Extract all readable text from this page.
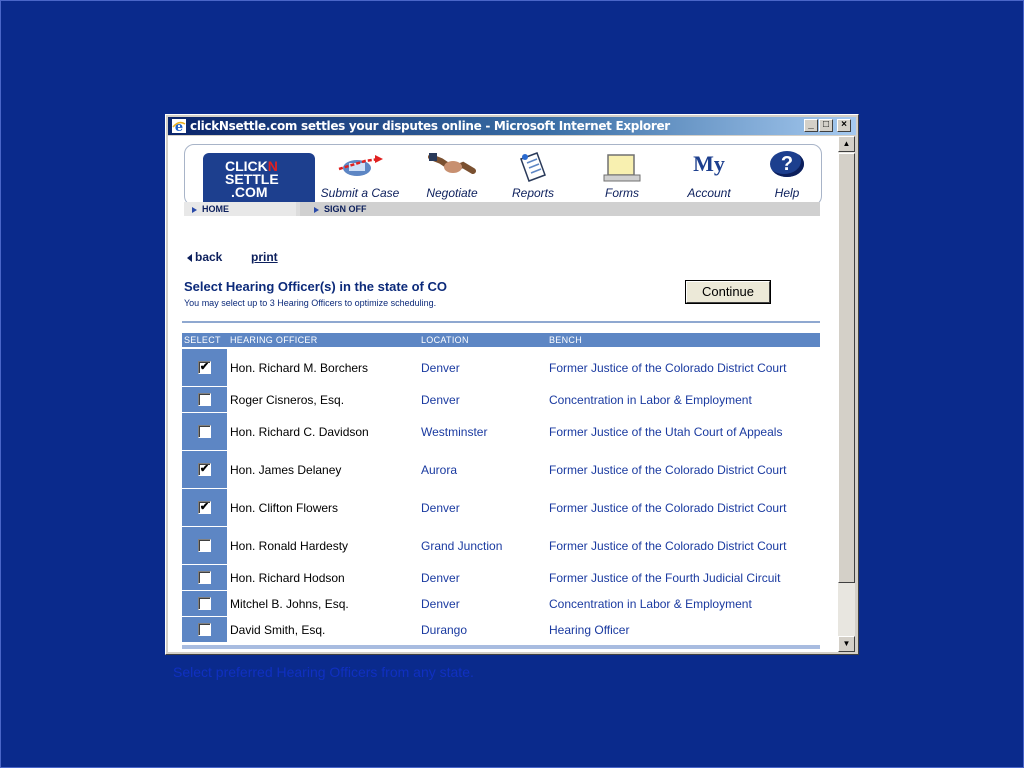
e clickNsettle.com settles your disputes online - Microsoft Internet Explorer	_ □	×
CLICKN
SETTLE
.COM	Submit a Case	Negotiate	Reports	Forms
My
Account
?
Help
HOME	SIGN OFF
back print
Select Hearing Officer(s) in the state of CO
You may select up to 3 Hearing Officers to optimize scheduling.
Continue
SELECT HEARING OFFICER	LOCATION	BENCH
✔ Hon. Richard M. Borchers	Denver	Former Justice of the Colorado District Court
Roger Cisneros, Esq.	Denver	Concentration in Labor & Employment
Hon. Richard C. Davidson	Westminster	Former Justice of the Utah Court of Appeals
✔ Hon. James Delaney	Aurora	Former Justice of the Colorado District Court
✔ Hon. Clifton Flowers	Denver	Former Justice of the Colorado District Court
Hon. Ronald Hardesty	Grand Junction	Former Justice of the Colorado District Court
Hon. Richard Hodson	Denver	Former Justice of the Fourth Judicial Circuit
Mitchel B. Johns, Esq.	Denver	Concentration in Labor & Employment
David Smith, Esq.	Durango	Hearing Officer
▲
▼
Select preferred Hearing Officers from any state.
